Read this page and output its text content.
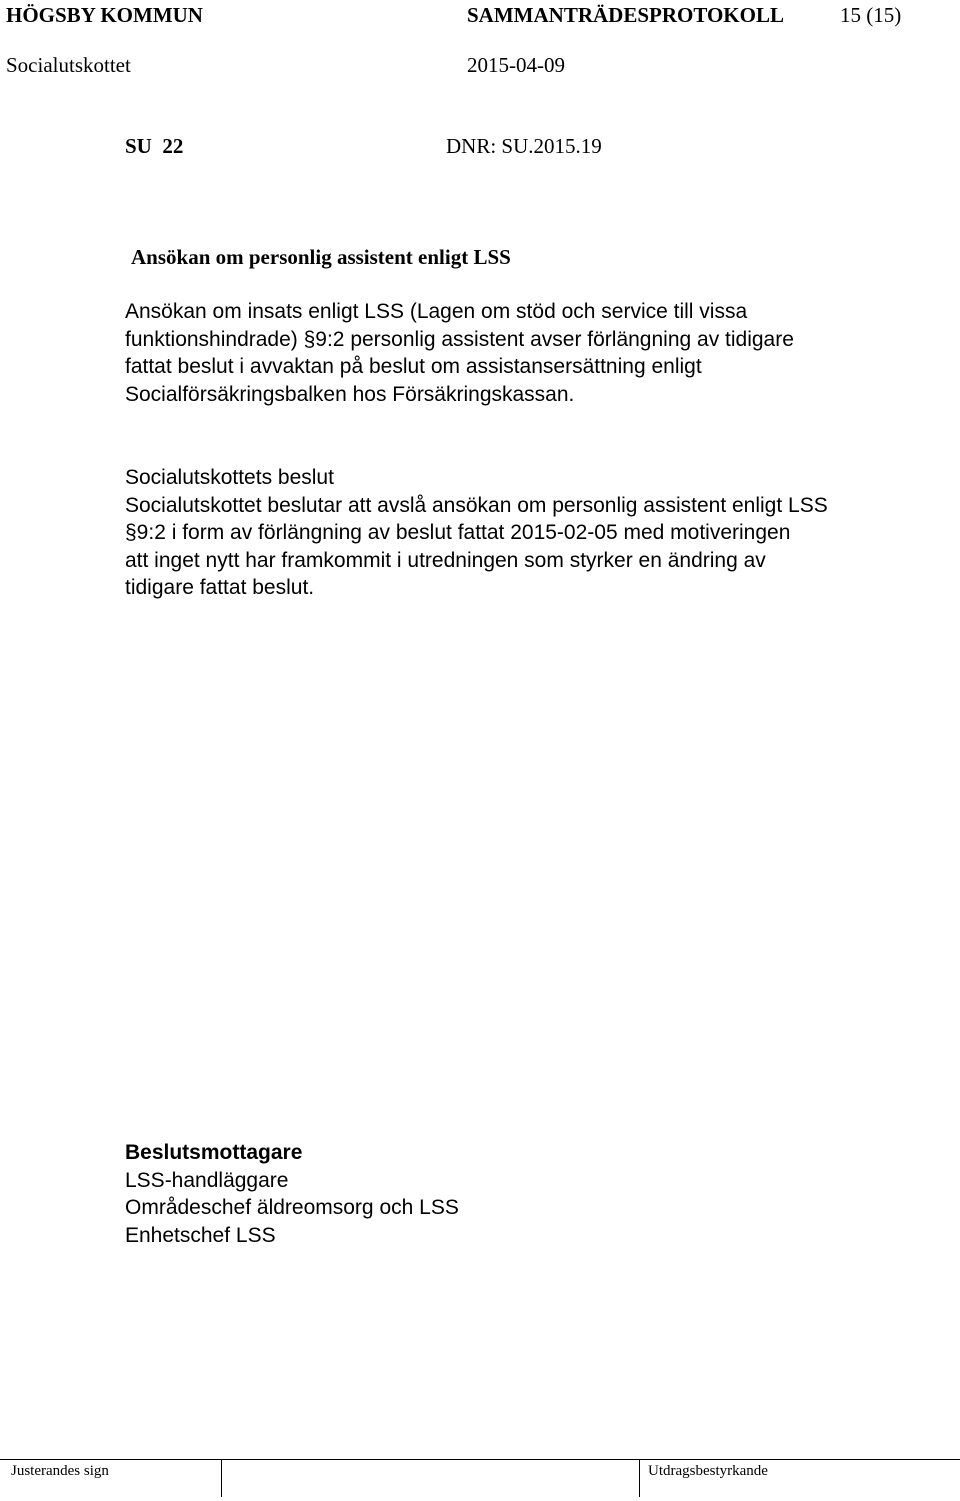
HÖGSBY KOMMUN	SAMMANTRÄDESPROTOKOLL	15 (15)
Socialutskottet	2015-04-09
SU  22	DNR: SU.2015.19
Ansökan om personlig assistent enligt LSS
Ansökan om insats enligt LSS (Lagen om stöd och service till vissa
funktionshindrade) §9:2 personlig assistent avser förlängning av tidigare
fattat beslut i avvaktan på beslut om assistansersättning enligt
Socialförsäkringsbalken hos Försäkringskassan.
Socialutskottets beslut
Socialutskottet beslutar att avslå ansökan om personlig assistent enligt LSS
§9:2 i form av förlängning av beslut fattat 2015-02-05 med motiveringen
att inget nytt har framkommit i utredningen som styrker en ändring av
tidigare fattat beslut.
Beslutsmottagare
LSS-handläggare
Områdeschef äldreomsorg och LSS
Enhetschef LSS
Justerandes sign	Utdragsbestyrkande
